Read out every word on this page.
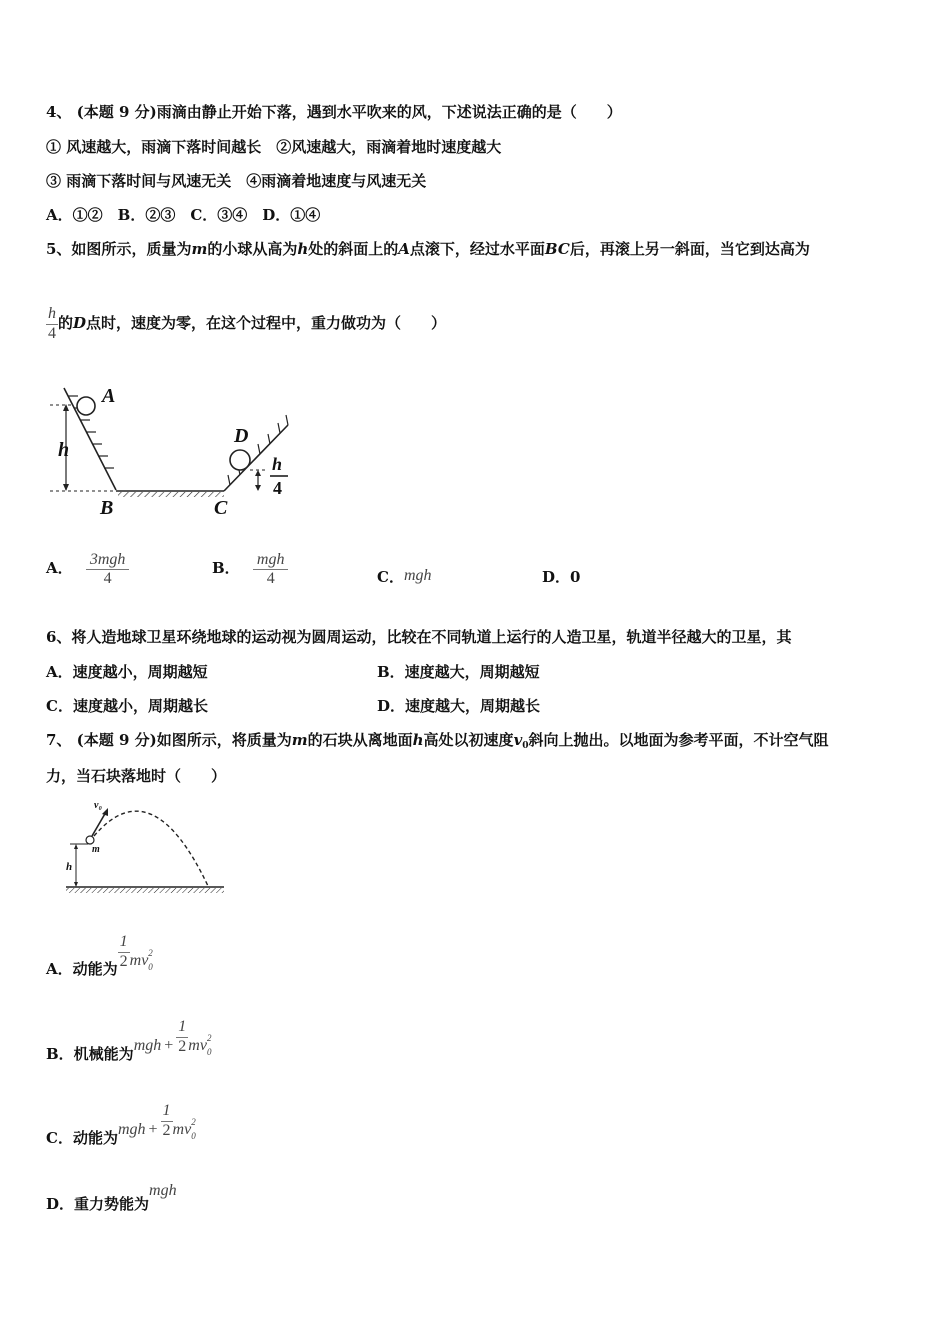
4、 (本题 9 分)雨滴由静止开始下落，遇到水平吹来的风，下述说法正确的是（　　）
① 风速越大，雨滴下落时间越长　 ②风速越大，雨滴着地时速度越大
③ 雨滴下落时间与风速无关　 ④雨滴着地速度与风速无关
A．①②　B．②③　C．③④　D．①④
5、如图所示，质量为m的小球从高为h处的斜面上的A点滚下，经过水平面BC后，再滚上另一斜面，当它到达高为
$\frac{h}{4}$ 的D点时，速度为零，在这个过程中，重力做功为（　　）
A
h
B	C
D
h
4
A． $\frac{\text{3mgh}}{4}$	B． $\frac{\text{mgh}}{4}$	C．mgh	D．0
6、将人造地球卫星环绕地球的运动视为圆周运动，比较在不同轨道上运行的人造卫星，轨道半径越大的卫星，其
A．速度越小，周期越短	B．速度越大，周期越短
C．速度越小，周期越长	D．速度越大，周期越长
7、 (本题 9 分)如图所示，将质量为m的石块从离地面h高处以初速度$v_0$斜向上抛出。以地面为参考平面，不计空气阻
力，当石块落地时（　　）
h
m
v₀
A．动能为 $\frac{1}{2} mv2^0$
B．机械能为mgh + $\frac{1}{2} mv2^0$
C．动能为mgh + $\frac{1}{2} mv2^0$
D．重力势能为mgh
